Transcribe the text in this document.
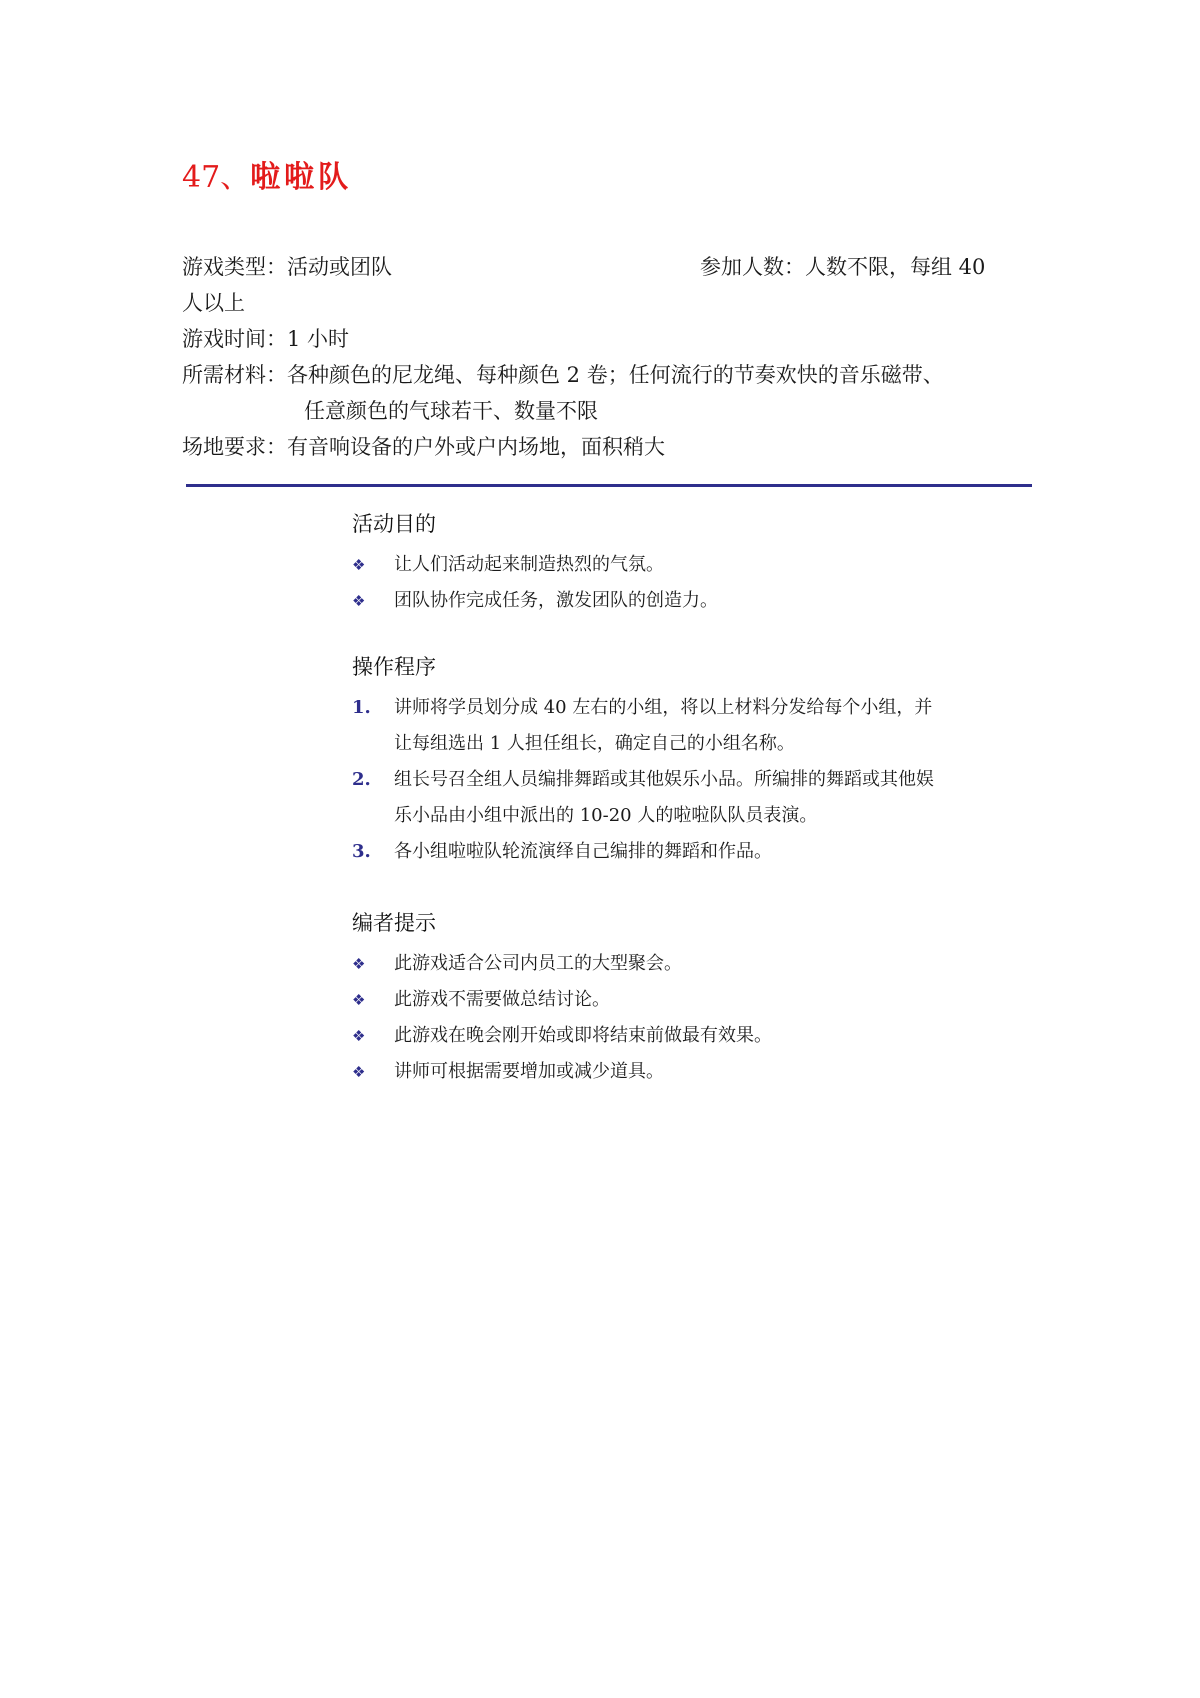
47、啦啦队
游戏类型：活动或团队	参加人数：人数不限，每组 40
人以上
游戏时间：1 小时
所需材料：各种颜色的尼龙绳、每种颜色 2 卷；任何流行的节奏欢快的音乐磁带、
任意颜色的气球若干、数量不限
场地要求：有音响设备的户外或户内场地，面积稍大
活动目的
❖	让人们活动起来制造热烈的气氛。
❖	团队协作完成任务，激发团队的创造力。
操作程序
1. 讲师将学员划分成 40 左右的小组，将以上材料分发给每个小组，并
让每组选出 1 人担任组长，确定自己的小组名称。
2. 组长号召全组人员编排舞蹈或其他娱乐小品。所编排的舞蹈或其他娱
乐小品由小组中派出的 10-20 人的啦啦队队员表演。
3. 各小组啦啦队轮流演绎自己编排的舞蹈和作品。
编者提示
❖	此游戏适合公司内员工的大型聚会。
❖	此游戏不需要做总结讨论。
❖	此游戏在晚会刚开始或即将结束前做最有效果。
❖	讲师可根据需要增加或减少道具。
